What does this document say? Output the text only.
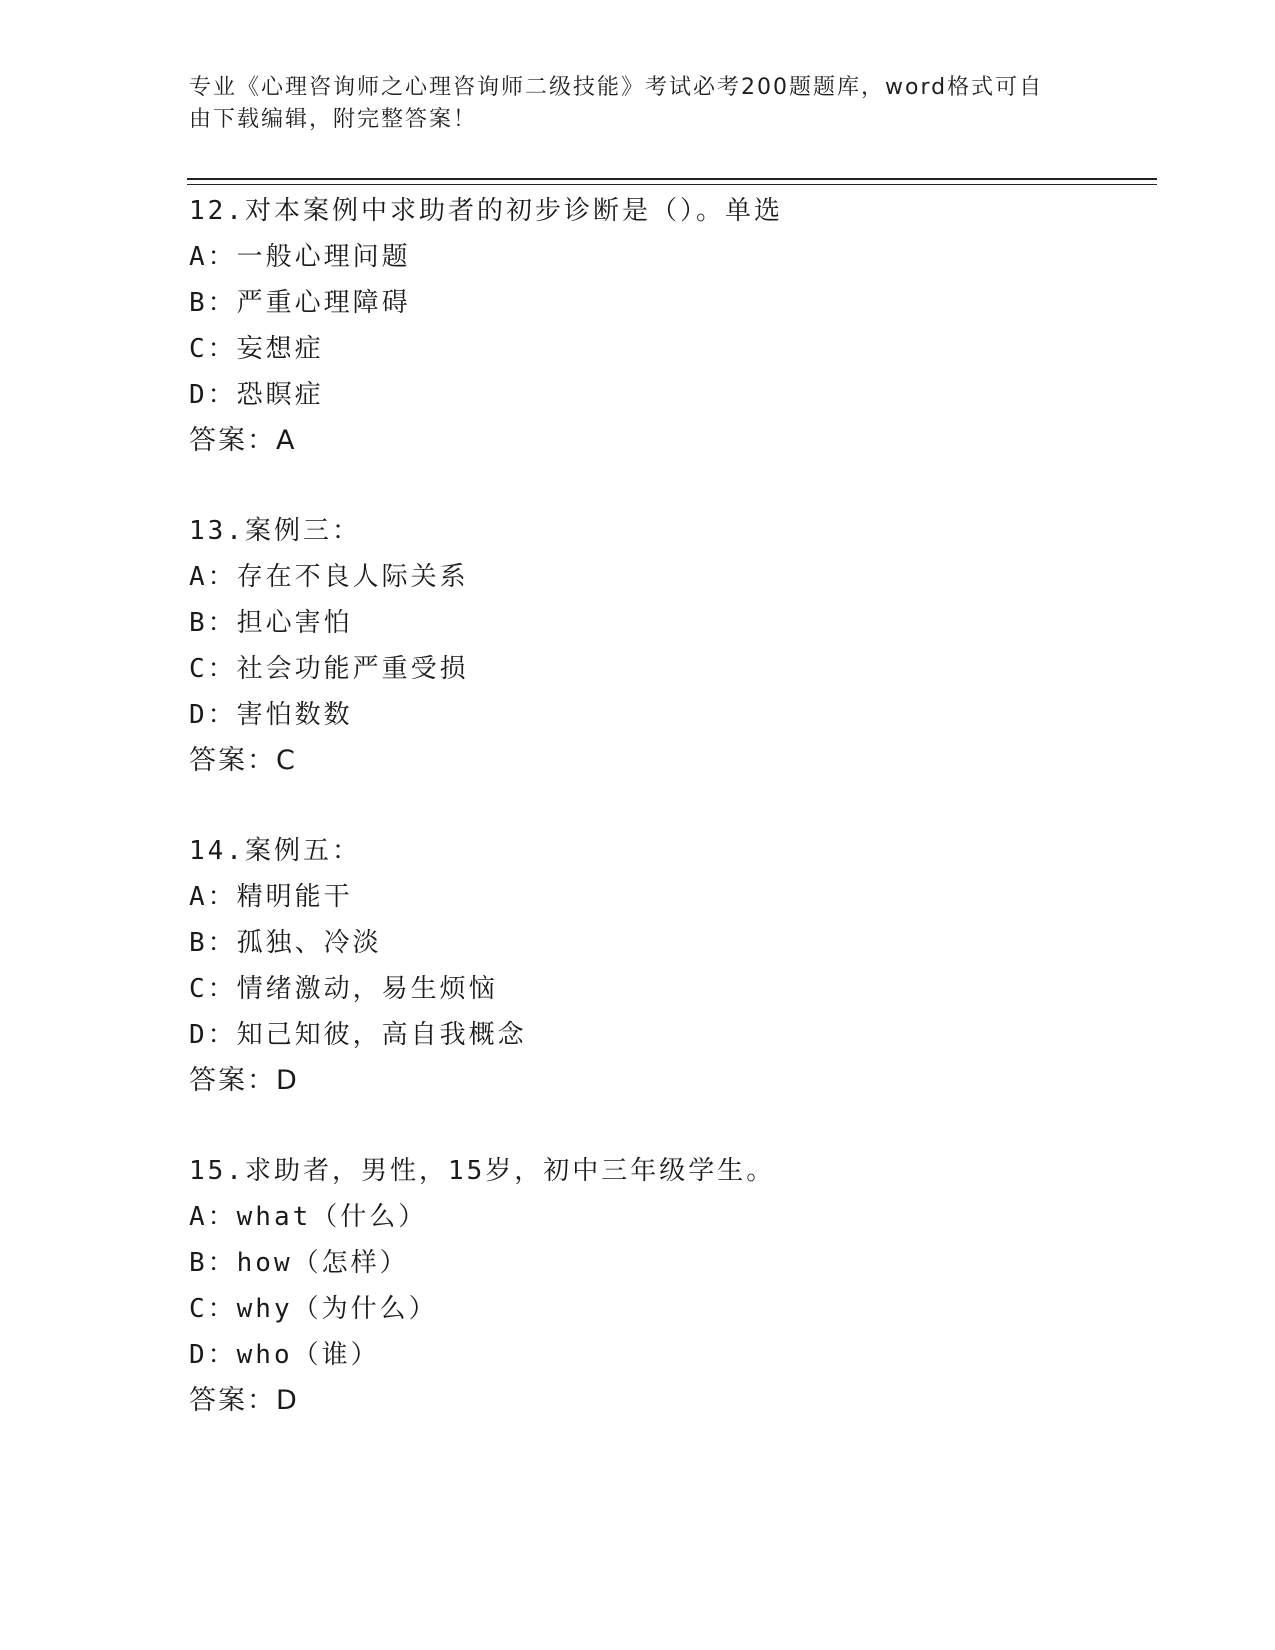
专业《心理咨询师之心理咨询师二级技能》考试必考200题题库，word格式可自
由下载编辑，附完整答案！
12.对本案例中求助者的初步诊断是（）。单选
A：一般心理问题
B：严重心理障碍
C：妄想症
D：恐瞑症
答案：A
13.案例三：
A：存在不良人际关系
B：担心害怕
C：社会功能严重受损
D：害怕数数
答案：C
14.案例五：
A：精明能干
B：孤独、冷淡
C：情绪激动，易生烦恼
D：知己知彼，高自我概念
答案：D
15.求助者，男性，15岁，初中三年级学生。
A：what（什么）
B：how（怎样）
C：why（为什么）
D：who（谁）
答案：D
